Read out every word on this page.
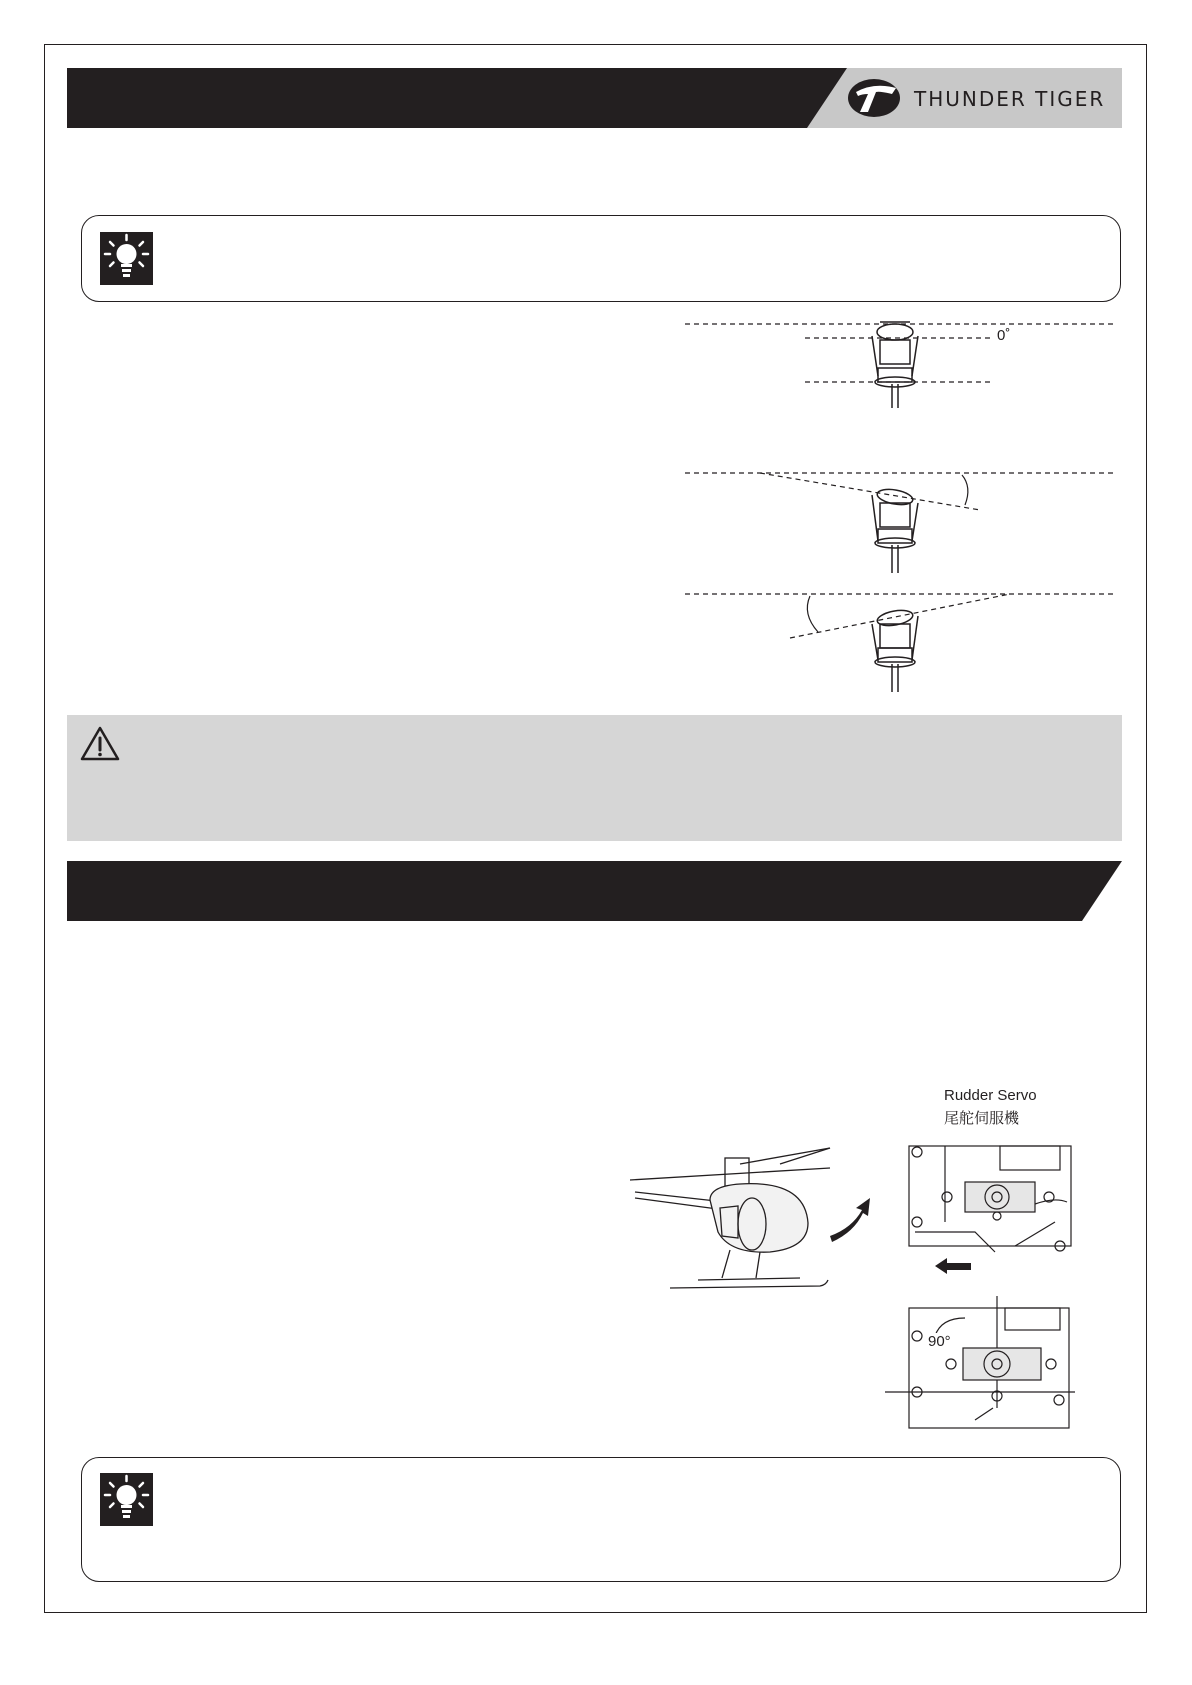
THUNDER TIGER
0˚
Rudder Servo
尾舵伺服機
90°
